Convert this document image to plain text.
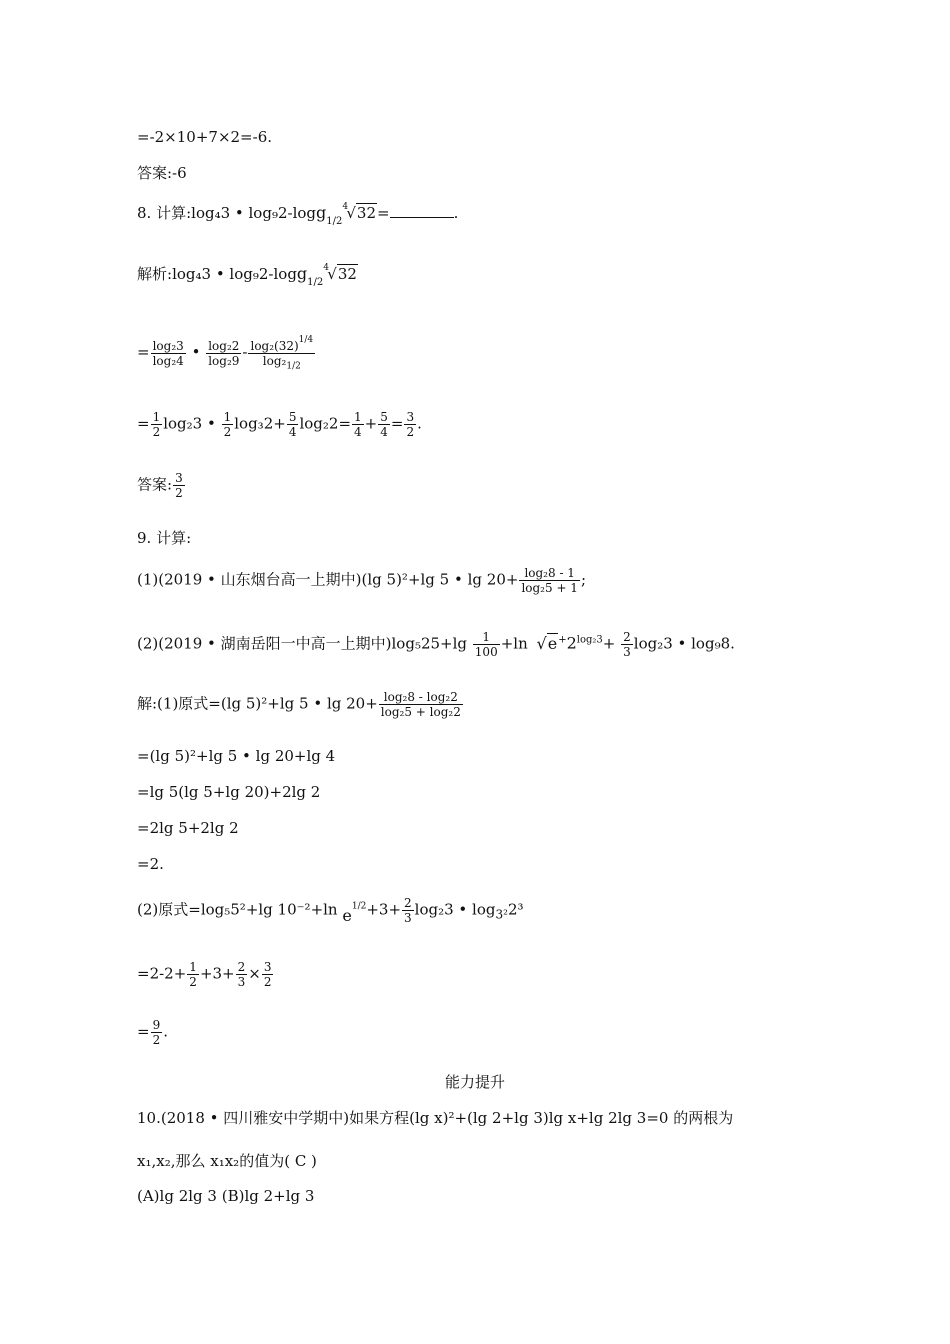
=-2×10+7×2=-6.
答案:-6
8. 计算:log₄3 • log₉2-logg$_{1/2}$
4
√32=	.
解析:log₄3 • log₉2-logg$_{1/2}$
4
√32
= $\frac{\text{log₂3}}{\text{log₂4}}$ • $\frac{\text{log₂2}}{\text{log₂9}} - \frac{\log_2(32)^{1/4}}{\log_2_{1/2}}$
= $\frac{1}{2} \log_23$ • $\frac{1}{2} \log_32+ \frac{5}{4} \log_22= \frac{1}{4} + \frac{5}{4} = \frac{3}{2}$ .
答案: $\frac{3}{2}$
9. 计算:
(1)(2019 • 山东烟台高一上期中)(lg 5)²+lg 5 • $\lg 20+ \frac{\text{log₂8 - 1}}{\text{log₂5 + 1}}$ ;
(2)(2019 • 湖南岳阳一中高一上期中)$\log_525+\lg \frac{1}{100} +\ln$ $√e^+2^{log_23}+ \frac{2}{3} \log_23$ • log₉8.
解:(1)原式=(lg 5)²+lg 5 • $\lg 20+ \frac{\text{log₂8 - log₂2}}{\text{log₂5 + log₂2}}$
=(lg 5)²+lg 5 • lg 20+lg 4
=lg 5(lg 5+lg 20)+2lg 2
=2lg 5+2lg 2
=2.
(2)原式=log₅5²+lg 10⁻²+ln $e^{1/2}+3+ \frac{2}{3} \log_23$ • $\log_{3^2}2^3$
$=2-2+ \frac{1}{2} +3+ \frac{2}{3} \times \frac{3}{2}$
= $\frac{9}{2}$ .
能力提升
10.(2018 • 四川雅安中学期中)如果方程(lg x)²+(lg 2+lg 3)lg x+lg 2lg 3=0 的两根为
x₁,x₂,那么 x₁x₂的值为( C )
(A)lg 2lg 3 (B)lg 2+lg 3
